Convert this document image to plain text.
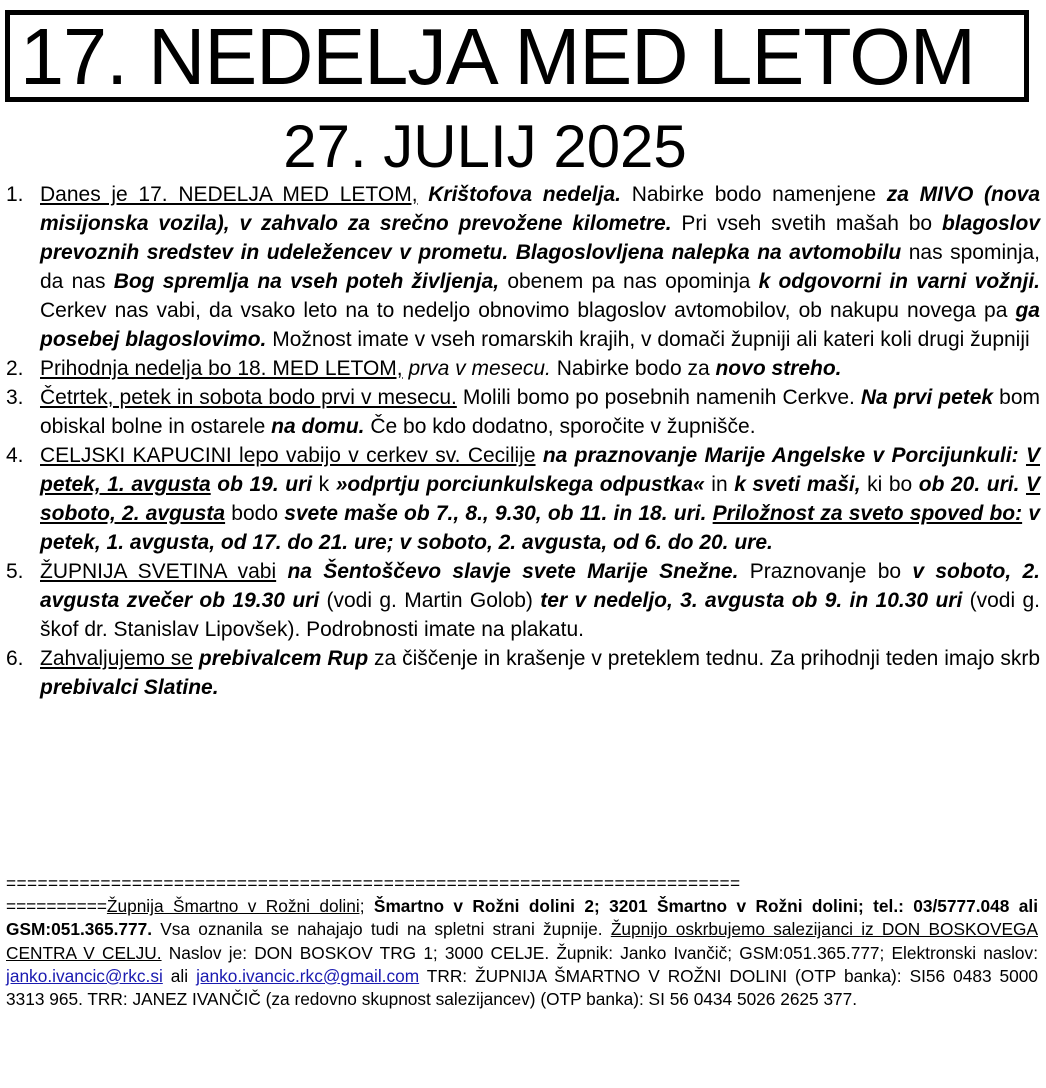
17. NEDELJA MED LETOM
27. JULIJ 2025
1. Danes je 17. NEDELJA MED LETOM, Krištofova nedelja. Nabirke bodo namenjene za MIVO (nova misijonska vozila), v zahvalo za srečno prevožene kilometre. Pri vseh svetih mašah bo blagoslov prevoznih sredstev in udeležencev v prometu. Blagoslovljena nalepka na avtomobilu nas spominja, da nas Bog spremlja na vseh poteh življenja, obenem pa nas opominja k odgovorni in varni vožnji. Cerkev nas vabi, da vsako leto na to nedeljo obnovimo blagoslov avtomobilov, ob nakupu novega pa ga posebej blagoslovimo. Možnost imate v vseh romarskih krajih, v domači župniji ali kateri koli drugi župniji
2. Prihodnja nedelja bo 18. MED LETOM, prva v mesecu. Nabirke bodo za novo streho.
3. Četrtek, petek in sobota bodo prvi v mesecu. Molili bomo po posebnih namenih Cerkve. Na prvi petek bom obiskal bolne in ostarele na domu. Če bo kdo dodatno, sporočite v župnišče.
4. CELJSKI KAPUCINI lepo vabijo v cerkev sv. Cecilije na praznovanje Marije Angelske v Porcijunkuli: V petek, 1. avgusta ob 19. uri k »odprtju porciunkulskega odpustka« in k sveti maši, ki bo ob 20. uri. V soboto, 2. avgusta bodo svete maše ob 7., 8., 9.30, ob 11. in 18. uri. Priložnost za sveto spoved bo: v petek, 1. avgusta, od 17. do 21. ure; v soboto, 2. avgusta, od 6. do 20. ure.
5. ŽUPNIJA SVETINA vabi na Šentoščevo slavje svete Marije Snežne. Praznovanje bo v soboto, 2. avgusta zvečer ob 19.30 uri (vodi g. Martin Golob) ter v nedeljo, 3. avgusta ob 9. in 10.30 uri (vodi g. škof dr. Stanislav Lipovšek). Podrobnosti imate na plakatu.
6. Zahvaljujemo se prebivalcem Rup za čiščenje in krašenje v preteklem tednu. Za prihodnji teden imajo skrb prebivalci Slatine.
======================================================================
==========Župnija Šmartno v Rožni dolini; Šmartno v Rožni dolini 2; 3201 Šmartno v Rožni dolini; tel.: 03/5777.048 ali GSM:051.365.777. Vsa oznanila se nahajajo tudi na spletni strani župnije. Župnijo oskrbujemo salezijanci iz DON BOSKOVEGA CENTRA V CELJU. Naslov je: DON BOSKOV TRG 1; 3000 CELJE. Župnik: Janko Ivančič; GSM:051.365.777; Elektronski naslov: janko.ivancic@rkc.si ali janko.ivancic.rkc@gmail.com TRR: ŽUPNIJA ŠMARTNO V ROŽNI DOLINI (OTP banka): SI56 0483 5000 3313 965. TRR: JANEZ IVANČIČ (za redovno skupnost salezijancev) (OTP banka): SI 56 0434 5026 2625 377.
